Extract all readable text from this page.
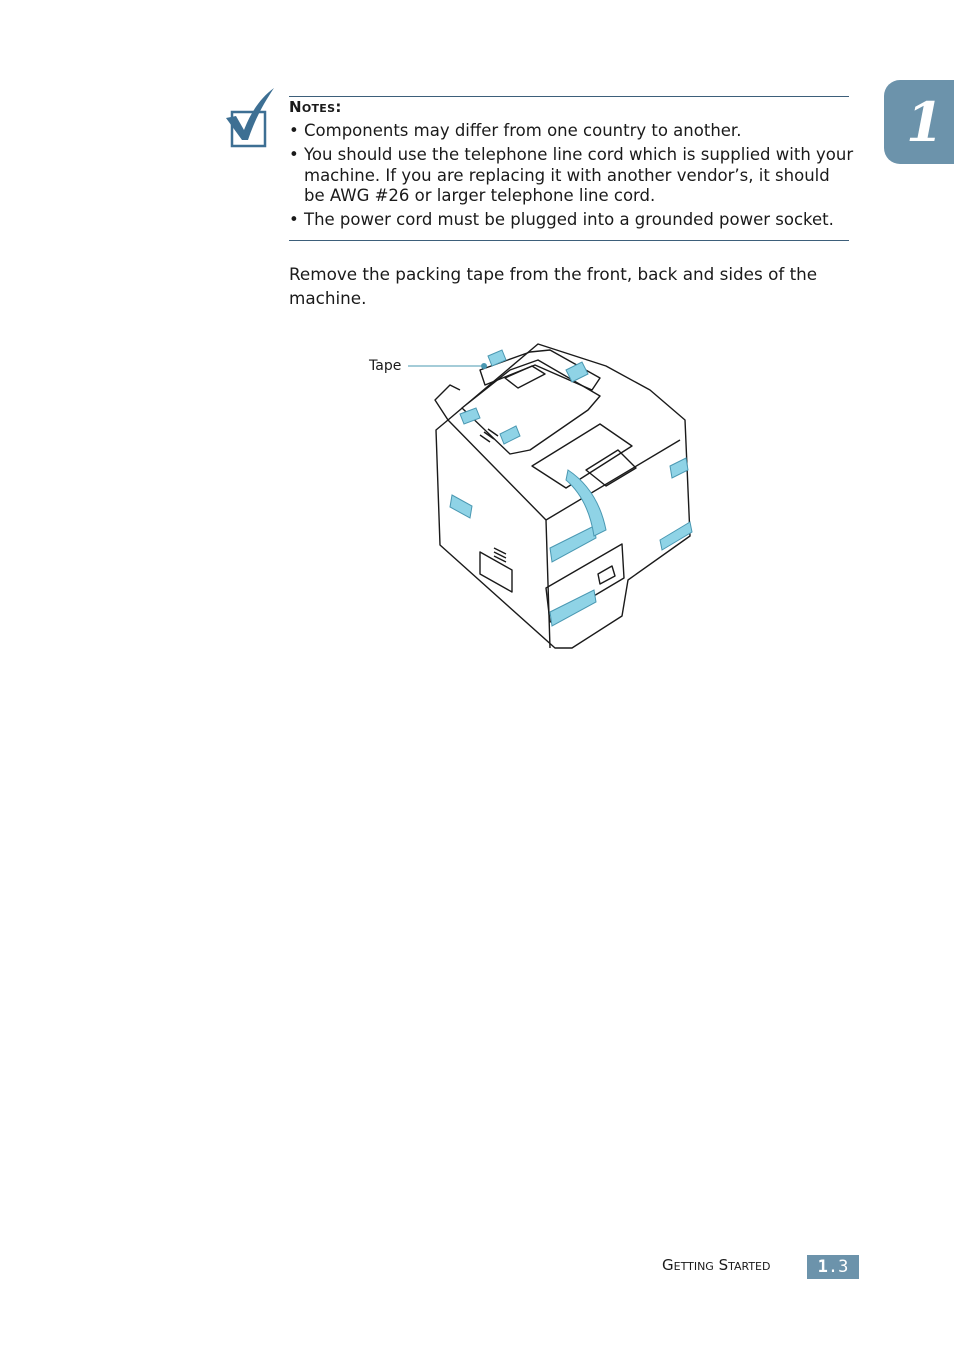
1
Notes:
• Components may differ from one country to another.
• You should use the telephone line cord which is supplied with your machine. If you are replacing it with another vendor’s, it should be AWG #26 or larger telephone line cord.
• The power cord must be plugged into a grounded power socket.
Remove the packing tape from the front, back and sides of the machine.
Tape
Getting Started	1.3
